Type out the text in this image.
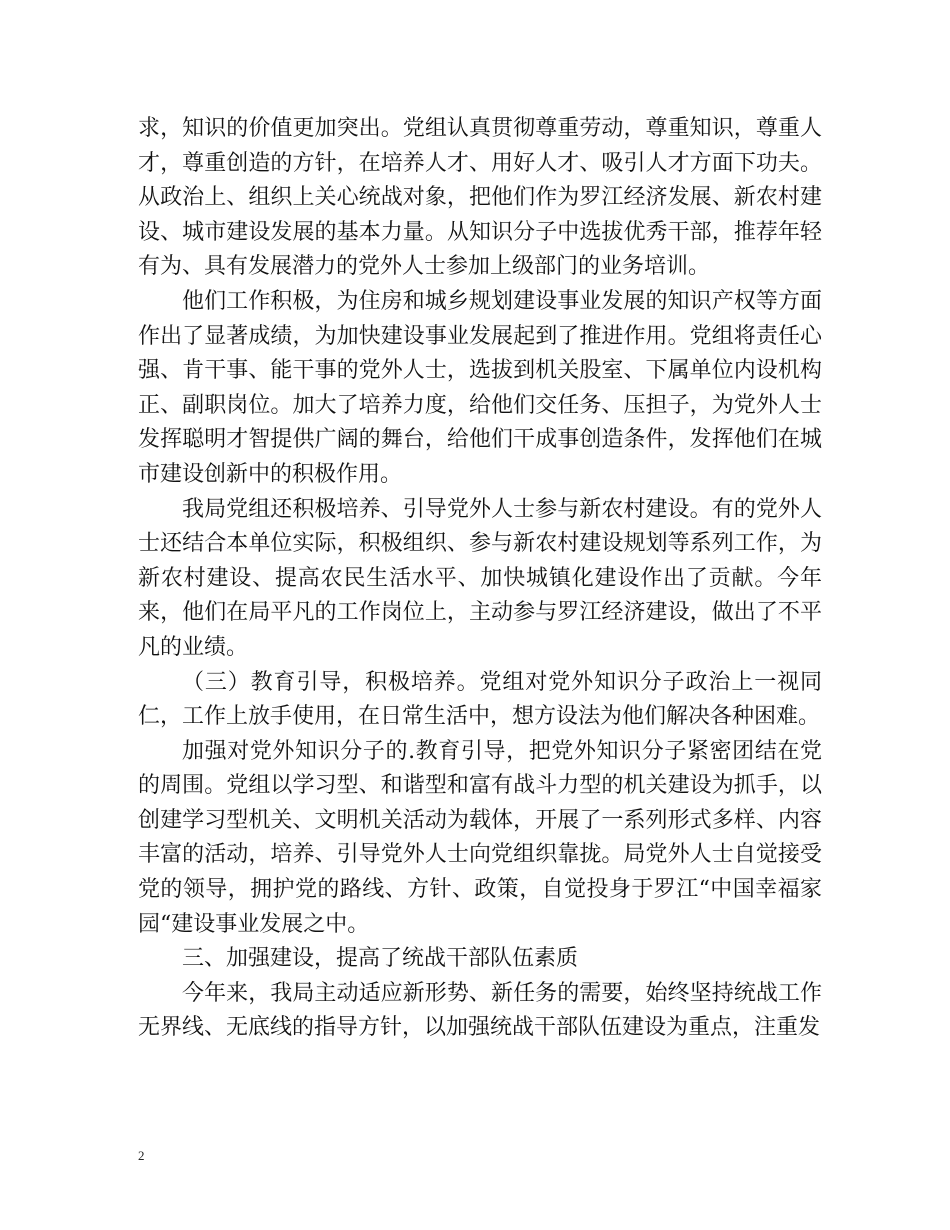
求，知识的价值更加突出。党组认真贯彻尊重劳动，尊重知识，尊重人才，尊重创造的方针，在培养人才、用好人才、吸引人才方面下功夫。从政治上、组织上关心统战对象，把他们作为罗江经济发展、新农村建设、城市建设发展的基本力量。从知识分子中选拔优秀干部，推荐年轻有为、具有发展潜力的党外人士参加上级部门的业务培训。

他们工作积极，为住房和城乡规划建设事业发展的知识产权等方面作出了显著成绩，为加快建设事业发展起到了推进作用。党组将责任心强、肯干事、能干事的党外人士，选拔到机关股室、下属单位内设机构正、副职岗位。加大了培养力度，给他们交任务、压担子，为党外人士发挥聪明才智提供广阔的舞台，给他们干成事创造条件，发挥他们在城市建设创新中的积极作用。

我局党组还积极培养、引导党外人士参与新农村建设。有的党外人士还结合本单位实际，积极组织、参与新农村建设规划等系列工作，为新农村建设、提高农民生活水平、加快城镇化建设作出了贡献。今年来，他们在局平凡的工作岗位上，主动参与罗江经济建设，做出了不平凡的业绩。

（三）教育引导，积极培养。党组对党外知识分子政治上一视同仁，工作上放手使用，在日常生活中，想方设法为他们解决各种困难。

加强对党外知识分子的.教育引导，把党外知识分子紧密团结在党的周围。党组以学习型、和谐型和富有战斗力型的机关建设为抓手，以创建学习型机关、文明机关活动为载体，开展了一系列形式多样、内容丰富的活动，培养、引导党外人士向党组织靠拢。局党外人士自觉接受党的领导，拥护党的路线、方针、政策，自觉投身于罗江“中国幸福家园“建设事业发展之中。

三、加强建设，提高了统战干部队伍素质

今年来，我局主动适应新形势、新任务的需要，始终坚持统战工作无界线、无底线的指导方针，以加强统战干部队伍建设为重点，注重发

2
